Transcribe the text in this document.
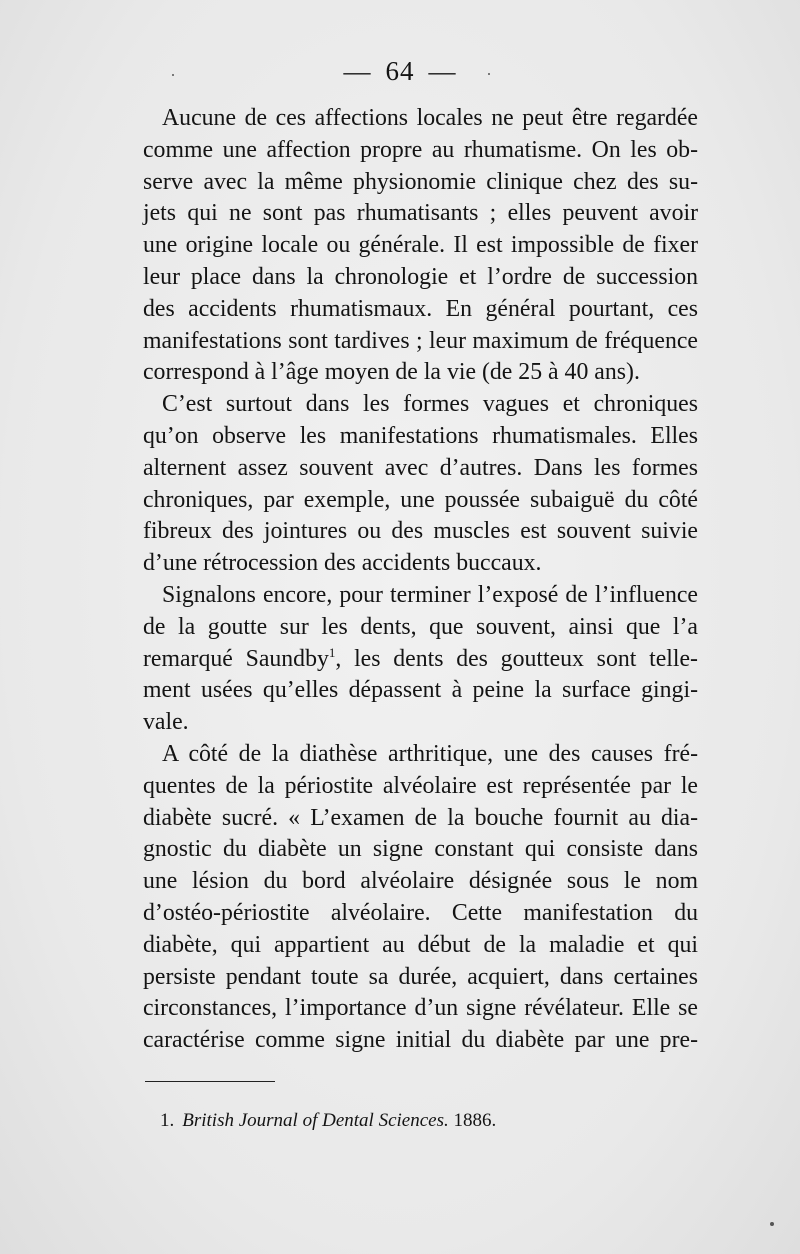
— 64 —
Aucune de ces affections locales ne peut être regardée
comme une affection propre au rhumatisme. On les ob-
serve avec la même physionomie clinique chez des su-
jets qui ne sont pas rhumatisants ; elles peuvent avoir
une origine locale ou générale. Il est impossible de fixer
leur place dans la chronologie et l’ordre de succession
des accidents rhumatismaux. En général pourtant, ces
manifestations sont tardives ; leur maximum de fréquence
correspond à l’âge moyen de la vie (de 25 à 40 ans).
C’est surtout dans les formes vagues et chroniques
qu’on observe les manifestations rhumatismales. Elles
alternent assez souvent avec d’autres. Dans les formes
chroniques, par exemple, une poussée subaiguë du côté
fibreux des jointures ou des muscles est souvent suivie
d’une rétrocession des accidents buccaux.
Signalons encore, pour terminer l’exposé de l’influence
de la goutte sur les dents, que souvent, ainsi que l’a
remarqué Saundby$^1$, les dents des goutteux sont telle-
ment usées qu’elles dépassent à peine la surface gingi-
vale.
A côté de la diathèse arthritique, une des causes fré-
quentes de la périostite alvéolaire est représentée par le
diabète sucré. « L’examen de la bouche fournit au dia-
gnostic du diabète un signe constant qui consiste dans
une lésion du bord alvéolaire désignée sous le nom
d’ostéo-périostite alvéolaire. Cette manifestation du
diabète, qui appartient au début de la maladie et qui
persiste pendant toute sa durée, acquiert, dans certaines
circonstances, l’importance d’un signe révélateur. Elle se
caractérise comme signe initial du diabète par une pre-
1. British Journal of Dental Sciences. 1886.
